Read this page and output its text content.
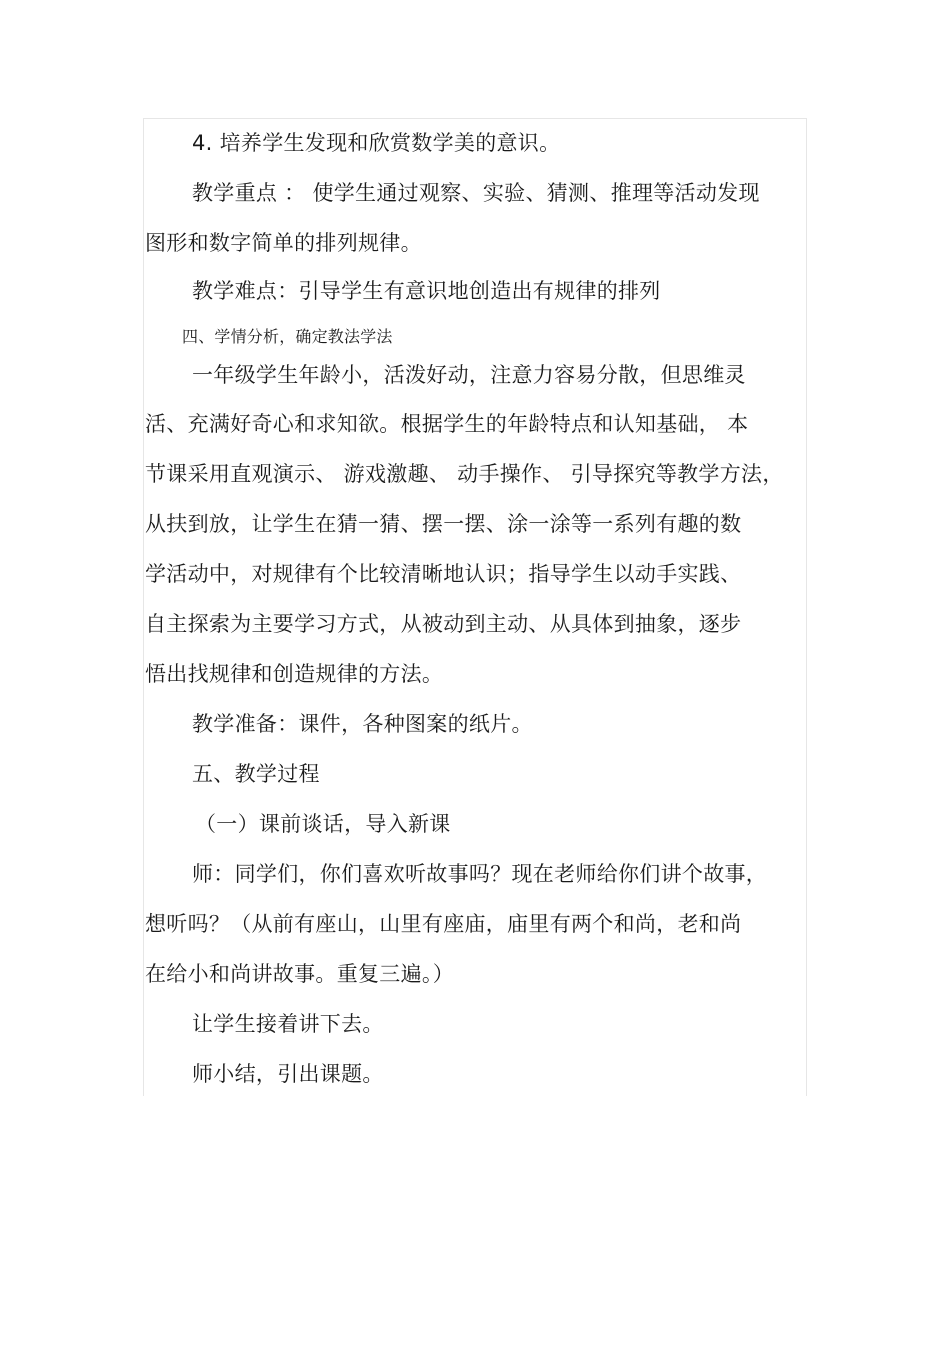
4. 培养学生发现和欣赏数学美的意识。
教学重点 ： 使学生通过观察、实验、猜测、推理等活动发现
图形和数字简单的排列规律。
教学难点：引导学生有意识地创造出有规律的排列
四、学情分析，确定教法学法
一年级学生年龄小，活泼好动，注意力容易分散，但思维灵
活、充满好奇心和求知欲。根据学生的年龄特点和认知基础， 本
节课采用直观演示、 游戏激趣、 动手操作、 引导探究等教学方法，
从扶到放，让学生在猜一猜、摆一摆、涂一涂等一系列有趣的数
学活动中，对规律有个比较清晰地认识；指导学生以动手实践、
自主探索为主要学习方式，从被动到主动、从具体到抽象，逐步
悟出找规律和创造规律的方法。
教学准备：课件，各种图案的纸片。
五、教学过程
（一）课前谈话，导入新课
师：同学们，你们喜欢听故事吗？现在老师给你们讲个故事，
想听吗？（从前有座山，山里有座庙，庙里有两个和尚，老和尚
在给小和尚讲故事。重复三遍。）
让学生接着讲下去。
师小结，引出课题。
